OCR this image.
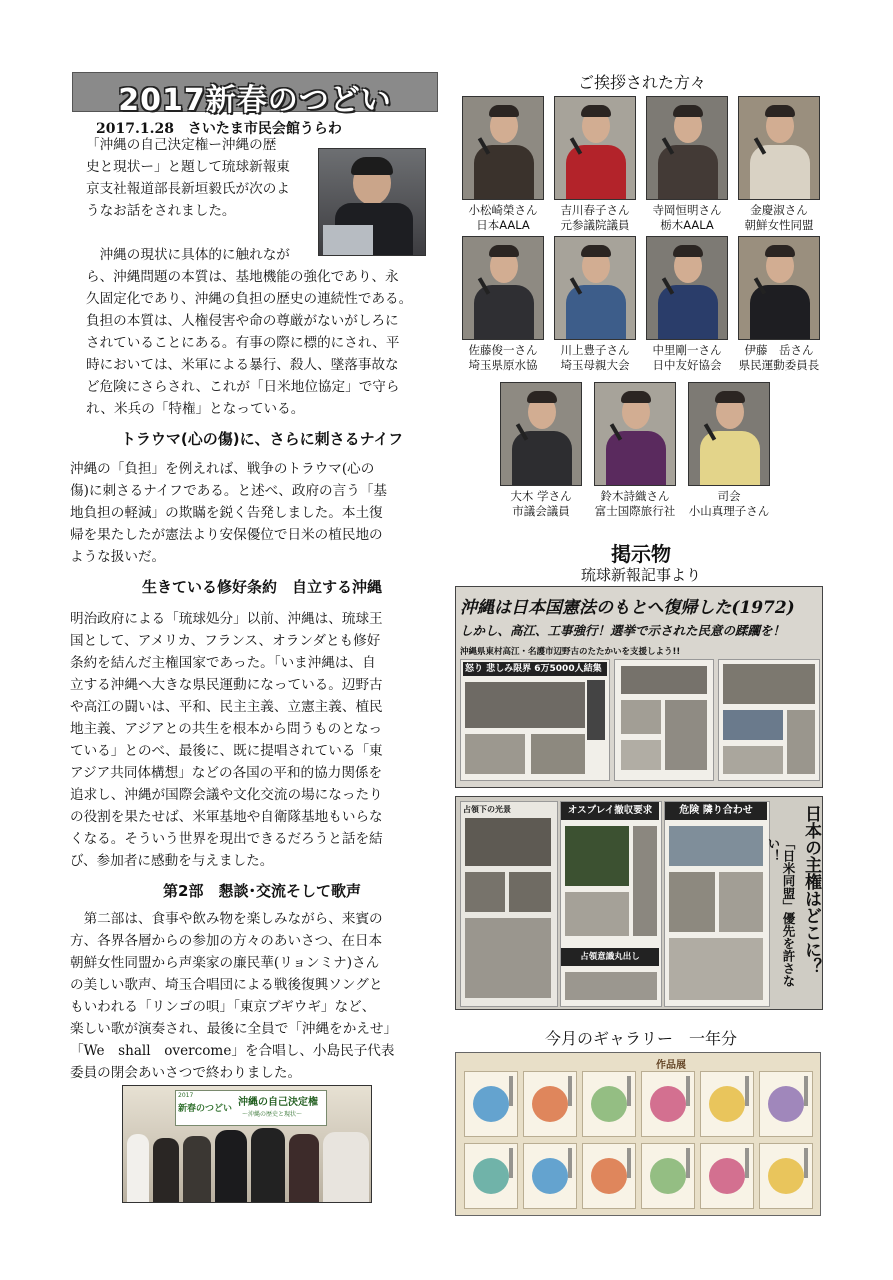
2017新春のつどい
2017.1.28　さいたま市民会館うらわ

「沖縄の自己決定権ー沖縄の歴
史と現状ー」と題して琉球新報東
京支社報道部長新垣毅氏が次のよ
うなお話をされました。

　沖縄の現状に具体的に触れなが

ら、沖縄問題の本質は、基地機能の強化であり、永
久固定化であり、沖縄の負担の歴史の連続性である。
負担の本質は、人権侵害や命の尊厳がないがしろに
されていることにある。有事の際に標的にされ、平
時においては、米軍による暴行、殺人、墜落事故な
ど危険にさらされ、これが「日米地位協定」で守ら
れ、米兵の「特権」となっている。

トラウマ(心の傷)に、さらに刺さるナイフ

沖縄の「負担」を例えれば、戦争のトラウマ(心の
傷)に刺さるナイフである。と述べ、政府の言う「基
地負担の軽減」の欺瞞を鋭く告発しました。本土復
帰を果たしたが憲法より安保優位で日米の植民地の
ような扱いだ。

生きている修好条約　自立する沖縄

明治政府による「琉球処分」以前、沖縄は、琉球王
国として、アメリカ、フランス、オランダとも修好
条約を結んだ主権国家であった。「いま沖縄は、自
立する沖縄へ大きな県民運動になっている。辺野古
や高江の闘いは、平和、民主主義、立憲主義、植民
地主義、アジアとの共生を根本から問うものとなっ
ている」とのべ、最後に、既に提唱されている「東
アジア共同体構想」などの各国の平和的協力関係を
追求し、沖縄が国際会議や文化交流の場になったり
の役割を果たせば、米軍基地や自衛隊基地もいらな
くなる。そういう世界を現出できるだろうと話を結
び、参加者に感動を与えました。

第2部　懇談･交流そして歌声

　第二部は、食事や飲み物を楽しみながら、来賓の
方、各界各層からの参加の方々のあいさつ、在日本
朝鮮女性同盟から声楽家の廉民華(リョンミナ)さん
の美しい歌声、埼玉合唱団による戦後復興ソングと
もいわれる「リンゴの唄」「東京ブギウギ」など、
楽しい歌が演奏され、最後に全員で「沖縄をかえせ」
「We　shall　overcome」を合唱し、小島民子代表
委員の閉会あいさつで終わりました。

2017
新春のつどい
沖縄の自己決定権
〜沖縄の歴史と現状〜
ご挨拶された方々
小松崎榮さん
日本AALA
吉川春子さん
元参議院議員
寺岡恒明さん
栃木AALA
金慶淑さん
朝鮮女性同盟
佐藤俊一さん
埼玉県原水協
川上豊子さん
埼玉母親大会
中里剛一さん
日中友好協会
伊藤　岳さん
県民運動委員長
大木 学さん
市議会議員
鈴木詩織さん
富士国際旅行社
司会
小山真理子さん
掲示物
琉球新報記事より
沖縄は日本国憲法のもとへ復帰した(1972)
しかし、高江、工事強行！選挙で示された民意の蹂躙を！
沖縄県東村高江・名護市辺野古のたたかいを支援しよう!!
怒り 悲しみ限界 6万5000人結集
占領下の光景	オスプレイ撤収要求
占領意識丸出し
危険 隣り合わせ	日本の主権はどこに？
「日米同盟」優先を許さない！
今月のギャラリー　一年分
作品展
